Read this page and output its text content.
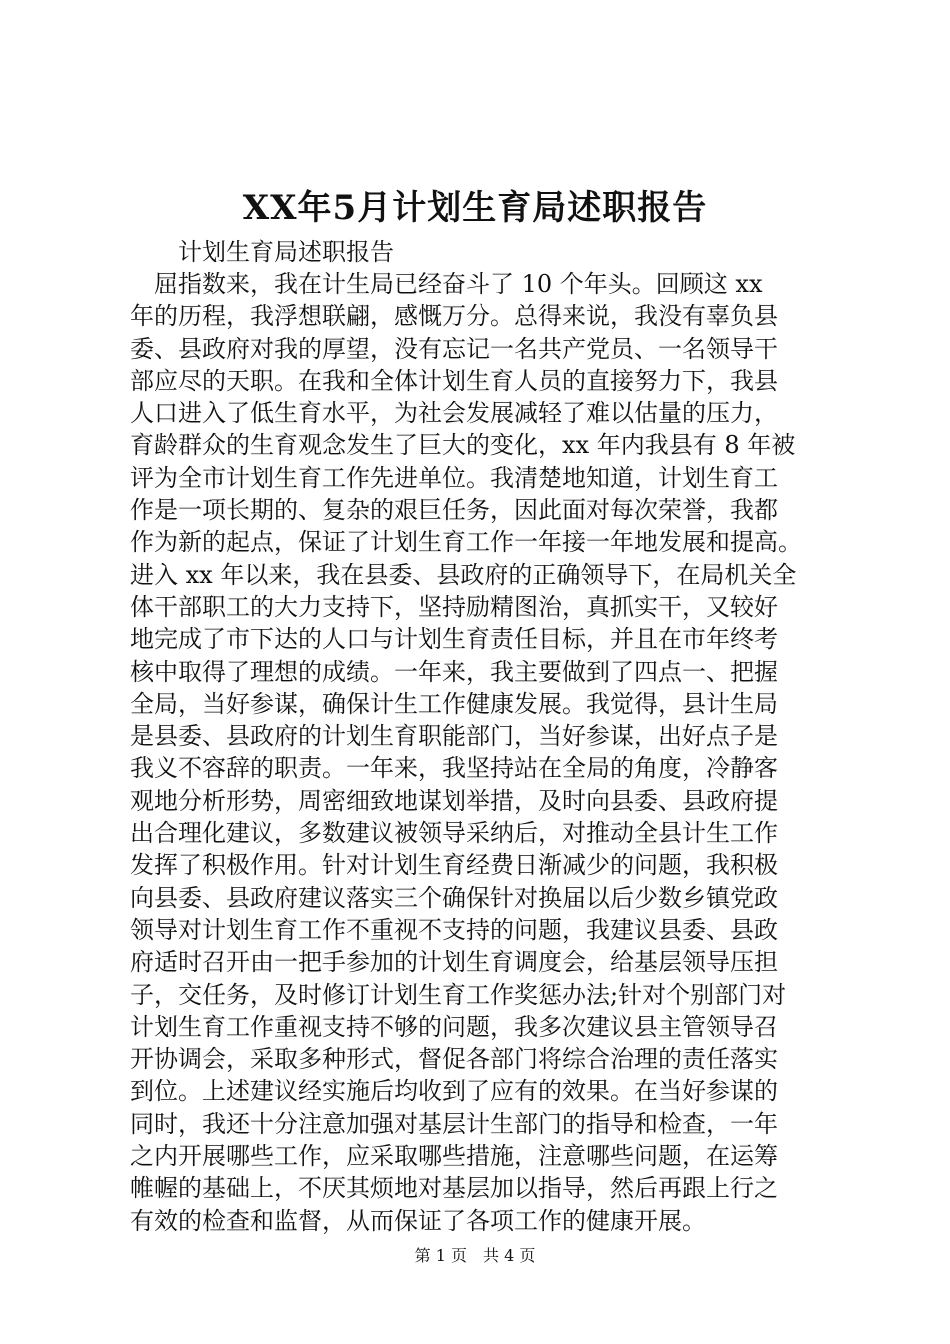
XX年5月计划生育局述职报告
计划生育局述职报告
　屈指数来，我在计生局已经奋斗了 10 个年头。回顾这 xx
年的历程，我浮想联翩，感慨万分。总得来说，我没有辜负县
委、县政府对我的厚望，没有忘记一名共产党员、一名领导干
部应尽的天职。在我和全体计划生育人员的直接努力下，我县
人口进入了低生育水平，为社会发展减轻了难以估量的压力，
育龄群众的生育观念发生了巨大的变化，xx 年内我县有 8 年被
评为全市计划生育工作先进单位。我清楚地知道，计划生育工
作是一项长期的、复杂的艰巨任务，因此面对每次荣誉，我都
作为新的起点，保证了计划生育工作一年接一年地发展和提高。
进入 xx 年以来，我在县委、县政府的正确领导下，在局机关全
体干部职工的大力支持下，坚持励精图治，真抓实干，又较好
地完成了市下达的人口与计划生育责任目标，并且在市年终考
核中取得了理想的成绩。一年来，我主要做到了四点一、把握
全局，当好参谋，确保计生工作健康发展。我觉得，县计生局
是县委、县政府的计划生育职能部门，当好参谋，出好点子是
我义不容辞的职责。一年来，我坚持站在全局的角度，冷静客
观地分析形势，周密细致地谋划举措，及时向县委、县政府提
出合理化建议，多数建议被领导采纳后，对推动全县计生工作
发挥了积极作用。针对计划生育经费日渐减少的问题，我积极
向县委、县政府建议落实三个确保针对换届以后少数乡镇党政
领导对计划生育工作不重视不支持的问题，我建议县委、县政
府适时召开由一把手参加的计划生育调度会，给基层领导压担
子，交任务，及时修订计划生育工作奖惩办法;针对个别部门对
计划生育工作重视支持不够的问题，我多次建议县主管领导召
开协调会，采取多种形式，督促各部门将综合治理的责任落实
到位。上述建议经实施后均收到了应有的效果。在当好参谋的
同时，我还十分注意加强对基层计生部门的指导和检查，一年
之内开展哪些工作，应采取哪些措施，注意哪些问题，在运筹
帷幄的基础上，不厌其烦地对基层加以指导，然后再跟上行之
有效的检查和监督，从而保证了各项工作的健康开展。
第 1 页　共 4 页
